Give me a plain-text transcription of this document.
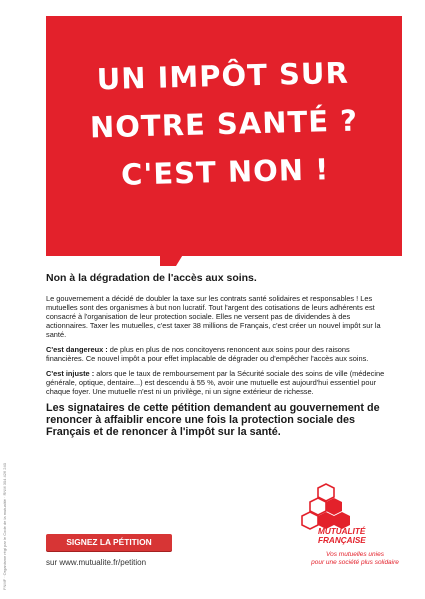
UN IMPÔT SUR
NOTRE SANTÉ ?
C'EST NON !
FNMF · Organisme régi par le Code de la mutualité · RNM 304 426 240
Non à la dégradation de l'accès aux soins.

Le gouvernement a décidé de doubler la taxe sur les contrats santé solidaires et responsables ! Les mutuelles sont des organismes à but non lucratif. Tout l'argent des cotisations de leurs adhérents est consacré à l'organisation de leur protection sociale. Elles ne versent pas de dividendes à des actionnaires. Taxer les mutuelles, c'est taxer 38 millions de Français, c'est créer un nouvel impôt sur la santé.

C'est dangereux : de plus en plus de nos concitoyens renoncent aux soins pour des raisons financières. Ce nouvel impôt a pour effet implacable de dégrader ou d'empêcher l'accès aux soins.

C'est injuste : alors que le taux de remboursement par la Sécurité sociale des soins de ville (médecine générale, optique, dentaire...) est descendu à 55 %, avoir une mutuelle est aujourd'hui essentiel pour chaque foyer. Une mutuelle n'est ni un privilège, ni un signe extérieur de richesse.

Les signataires de cette pétition demandent au gouvernement de renoncer à affaiblir encore une fois la protection sociale des Français et de renoncer à l'impôt sur la santé.
SIGNEZ LA PÉTITION
sur www.mutualite.fr/petition
MUTUALITÉ
FRANÇAISE
Vos mutuelles unies
pour une société plus solidaire
